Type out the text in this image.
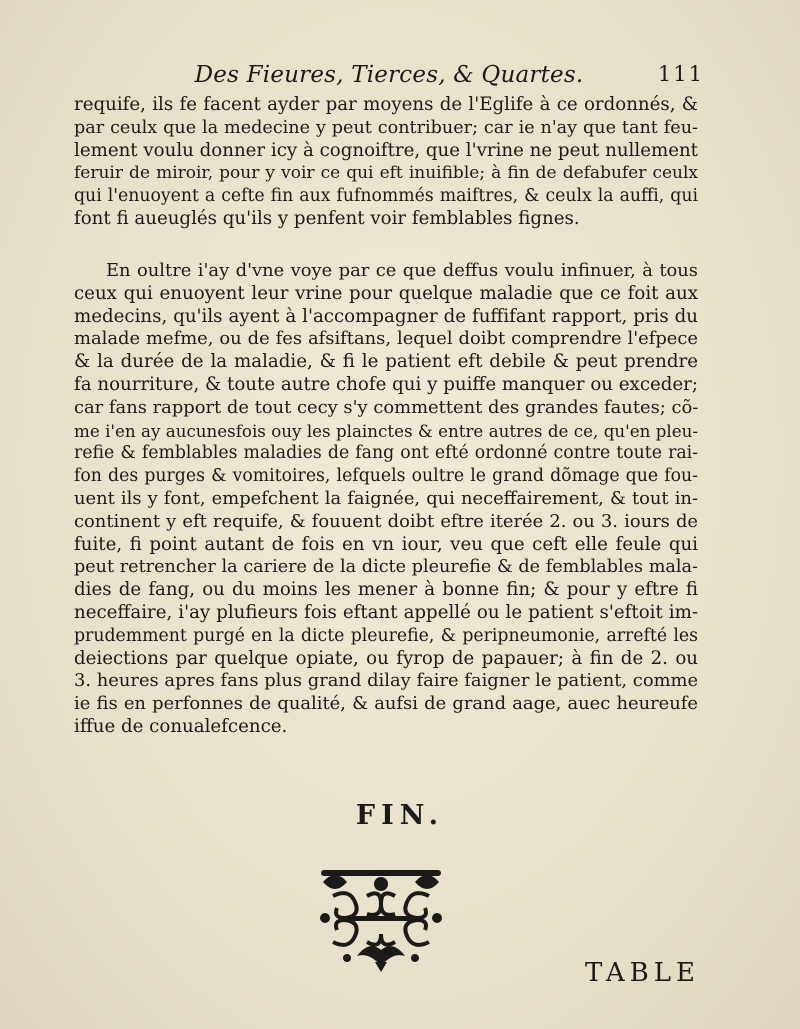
Des Fieures, Tierces, & Quartes.	111
requife, ils fe facent ayder par moyens de l'Eglife à ce ordonnés, &
par ceulx que la medecine y peut contribuer; car ie n'ay que tant feu-
lement voulu donner icy à cognoiftre, que l'vrine ne peut nullement
feruir de miroir, pour y voir ce qui eft inuifible; à fin de defabufer ceulx
qui l'enuoyent a cefte fin aux fufnommés maiftres, & ceulx la auffi, qui
font fi aueuglés qu'ils y penfent voir femblables fignes.
En oultre i'ay d'vne voye par ce que deffus voulu infinuer, à tous
ceux qui enuoyent leur vrine pour quelque maladie que ce foit aux
medecins, qu'ils ayent à l'accompagner de fuffifant rapport, pris du
malade mefme, ou de fes afsiftans, lequel doibt comprendre l'efpece
& la durée de la maladie, & fi le patient eft debile & peut prendre
fa nourriture, & toute autre chofe qui y puiffe manquer ou exceder;
car fans rapport de tout cecy s'y commettent des grandes fautes; cõ-
me i'en ay aucunesfois ouy les plainctes & entre autres de ce, qu'en pleu-
refie & femblables maladies de fang ont efté ordonné contre toute rai-
fon des purges & vomitoires, lefquels oultre le grand dõmage que fou-
uent ils y font, empefchent la faignée, qui neceffairement, & tout in-
continent y eft requife, & fouuent doibt eftre iterée 2. ou 3. iours de
fuite, fi point autant de fois en vn iour, veu que ceft elle feule qui
peut retrencher la cariere de la dicte pleurefie & de femblables mala-
dies de fang, ou du moins les mener à bonne fin; & pour y eftre fi
neceffaire, i'ay plufieurs fois eftant appellé ou le patient s'eftoit im-
prudemment purgé en la dicte pleurefie, & peripneumonie, arrefté les
deiections par quelque opiate, ou fyrop de papauer; à fin de 2. ou
3. heures apres fans plus grand dilay faire faigner le patient, comme
ie fis en perfonnes de qualité, & aufsi de grand aage, auec heureufe
iffue de conualefcence.
FIN.
TABLE
